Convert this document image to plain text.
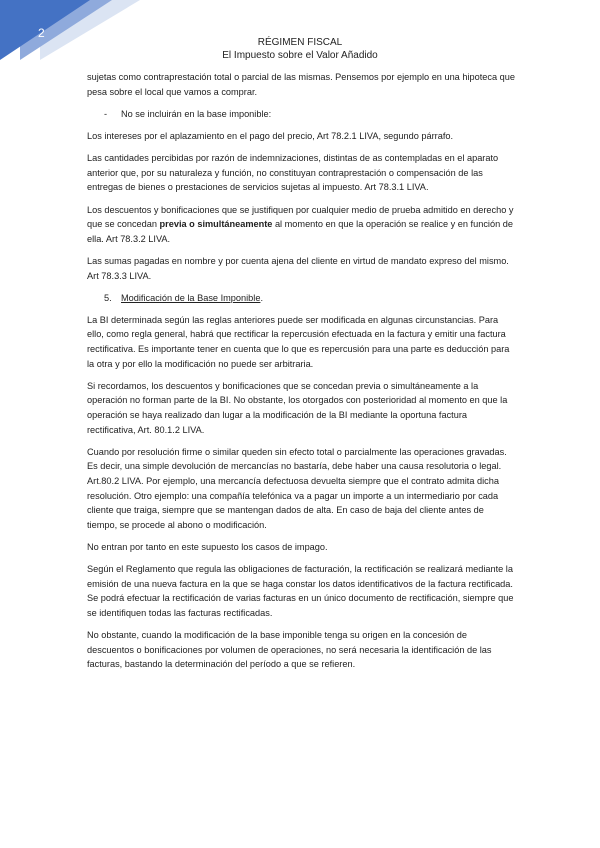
2
RÉGIMEN FISCAL
El Impuesto sobre el Valor Añadido

sujetas como contraprestación total o parcial de las mismas. Pensemos por ejemplo en una hipoteca que pesa sobre el local que vamos a comprar.

- No se incluirán en la base imponible:

Los intereses por el aplazamiento en el pago del precio, Art 78.2.1 LIVA, segundo párrafo.

Las cantidades percibidas por razón de indemnizaciones, distintas de as contempladas en el aparato anterior que, por su naturaleza y función, no constituyan contraprestación o compensación de las entregas de bienes o prestaciones de servicios sujetas al impuesto. Art 78.3.1 LIVA.

Los descuentos y bonificaciones que se justifiquen por cualquier medio de prueba admitido en derecho y que se concedan previa o simultáneamente al momento en que la operación se realice y en función de ella. Art 78.3.2 LIVA.

Las sumas pagadas en nombre y por cuenta ajena del cliente en virtud de mandato expreso del mismo. Art 78.3.3 LIVA.

5. Modificación de la Base Imponible.

La BI determinada según las reglas anteriores puede ser modificada en algunas circunstancias. Para ello, como regla general, habrá que rectificar la repercusión efectuada en la factura y emitir una factura rectificativa. Es importante tener en cuenta que lo que es repercusión para una parte es deducción para la otra y por ello la modificación no puede ser arbitraria.

Si recordamos, los descuentos y bonificaciones que se concedan previa o simultáneamente a la operación no forman parte de la BI. No obstante, los otorgados con posterioridad al momento en que la operación se haya realizado dan lugar a la modificación de la BI mediante la oportuna factura rectificativa, Art. 80.1.2 LIVA.

Cuando por resolución firme o similar queden sin efecto total o parcialmente las operaciones gravadas. Es decir, una simple devolución de mercancías no bastaría, debe haber una causa resolutoria o legal. Art.80.2 LIVA. Por ejemplo, una mercancía defectuosa devuelta siempre que el contrato admita dicha resolución. Otro ejemplo: una compañía telefónica va a pagar un importe a un intermediario por cada cliente que traiga, siempre que se mantengan dados de alta. En caso de baja del cliente antes de tiempo, se procede al abono o modificación.

No entran por tanto en este supuesto los casos de impago.

Según el Reglamento que regula las obligaciones de facturación, la rectificación se realizará mediante la emisión de una nueva factura en la que se haga constar los datos identificativos de la factura rectificada. Se podrá efectuar la rectificación de varias facturas en un único documento de rectificación, siempre que se identifiquen todas las facturas rectificadas.

No obstante, cuando la modificación de la base imponible tenga su origen en la concesión de descuentos o bonificaciones por volumen de operaciones, no será necesaria la identificación de las facturas, bastando la determinación del período a que se refieren.
